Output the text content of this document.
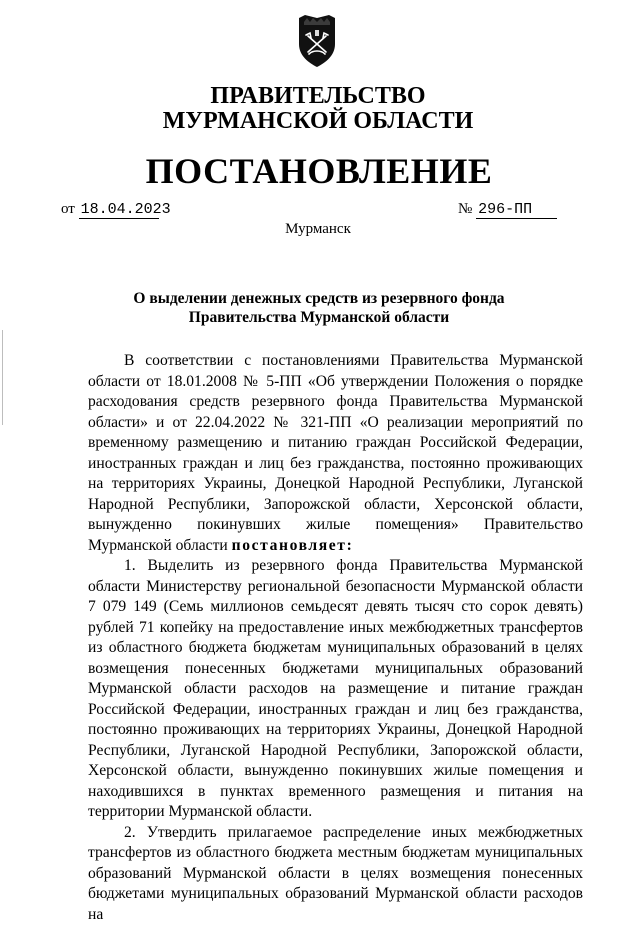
ПРАВИТЕЛЬСТВО
МУРМАНСКОЙ ОБЛАСТИ
ПОСТАНОВЛЕНИЕ
от 18.04.2023	№ 296-ПП
Мурманск
О выделении денежных средств из резервного фонда
Правительства Мурманской области

В соответствии с постановлениями Правительства Мурманской области от 18.01.2008 № 5-ПП «Об утверждении Положения о порядке расходования средств резервного фонда Правительства Мурманской области» и от 22.04.2022 № 321-ПП «О реализации мероприятий по временному размещению и питанию граждан Российской Федерации, иностранных граждан и лиц без гражданства, постоянно проживающих на территориях Украины, Донецкой Народной Республики, Луганской Народной Республики, Запорожской области, Херсонской области, вынужденно покинувших жилые помещения» Правительство Мурманской области постановляет:

1. Выделить из резервного фонда Правительства Мурманской области Министерству региональной безопасности Мурманской области 7 079 149 (Семь миллионов семьдесят девять тысяч сто сорок девять) рублей 71 копейку на предоставление иных межбюджетных трансфертов из областного бюджета бюджетам муниципальных образований в целях возмещения понесенных бюджетами муниципальных образований Мурманской области расходов на размещение и питание граждан Российской Федерации, иностранных граждан и лиц без гражданства, постоянно проживающих на территориях Украины, Донецкой Народной Республики, Луганской Народной Республики, Запорожской области, Херсонской области, вынужденно покинувших жилые помещения и находившихся в пунктах временного размещения и питания на территории Мурманской области.

2. Утвердить прилагаемое распределение иных межбюджетных трансфертов из областного бюджета местным бюджетам муниципальных образований Мурманской области в целях возмещения понесенных бюджетами муниципальных образований Мурманской области расходов на
